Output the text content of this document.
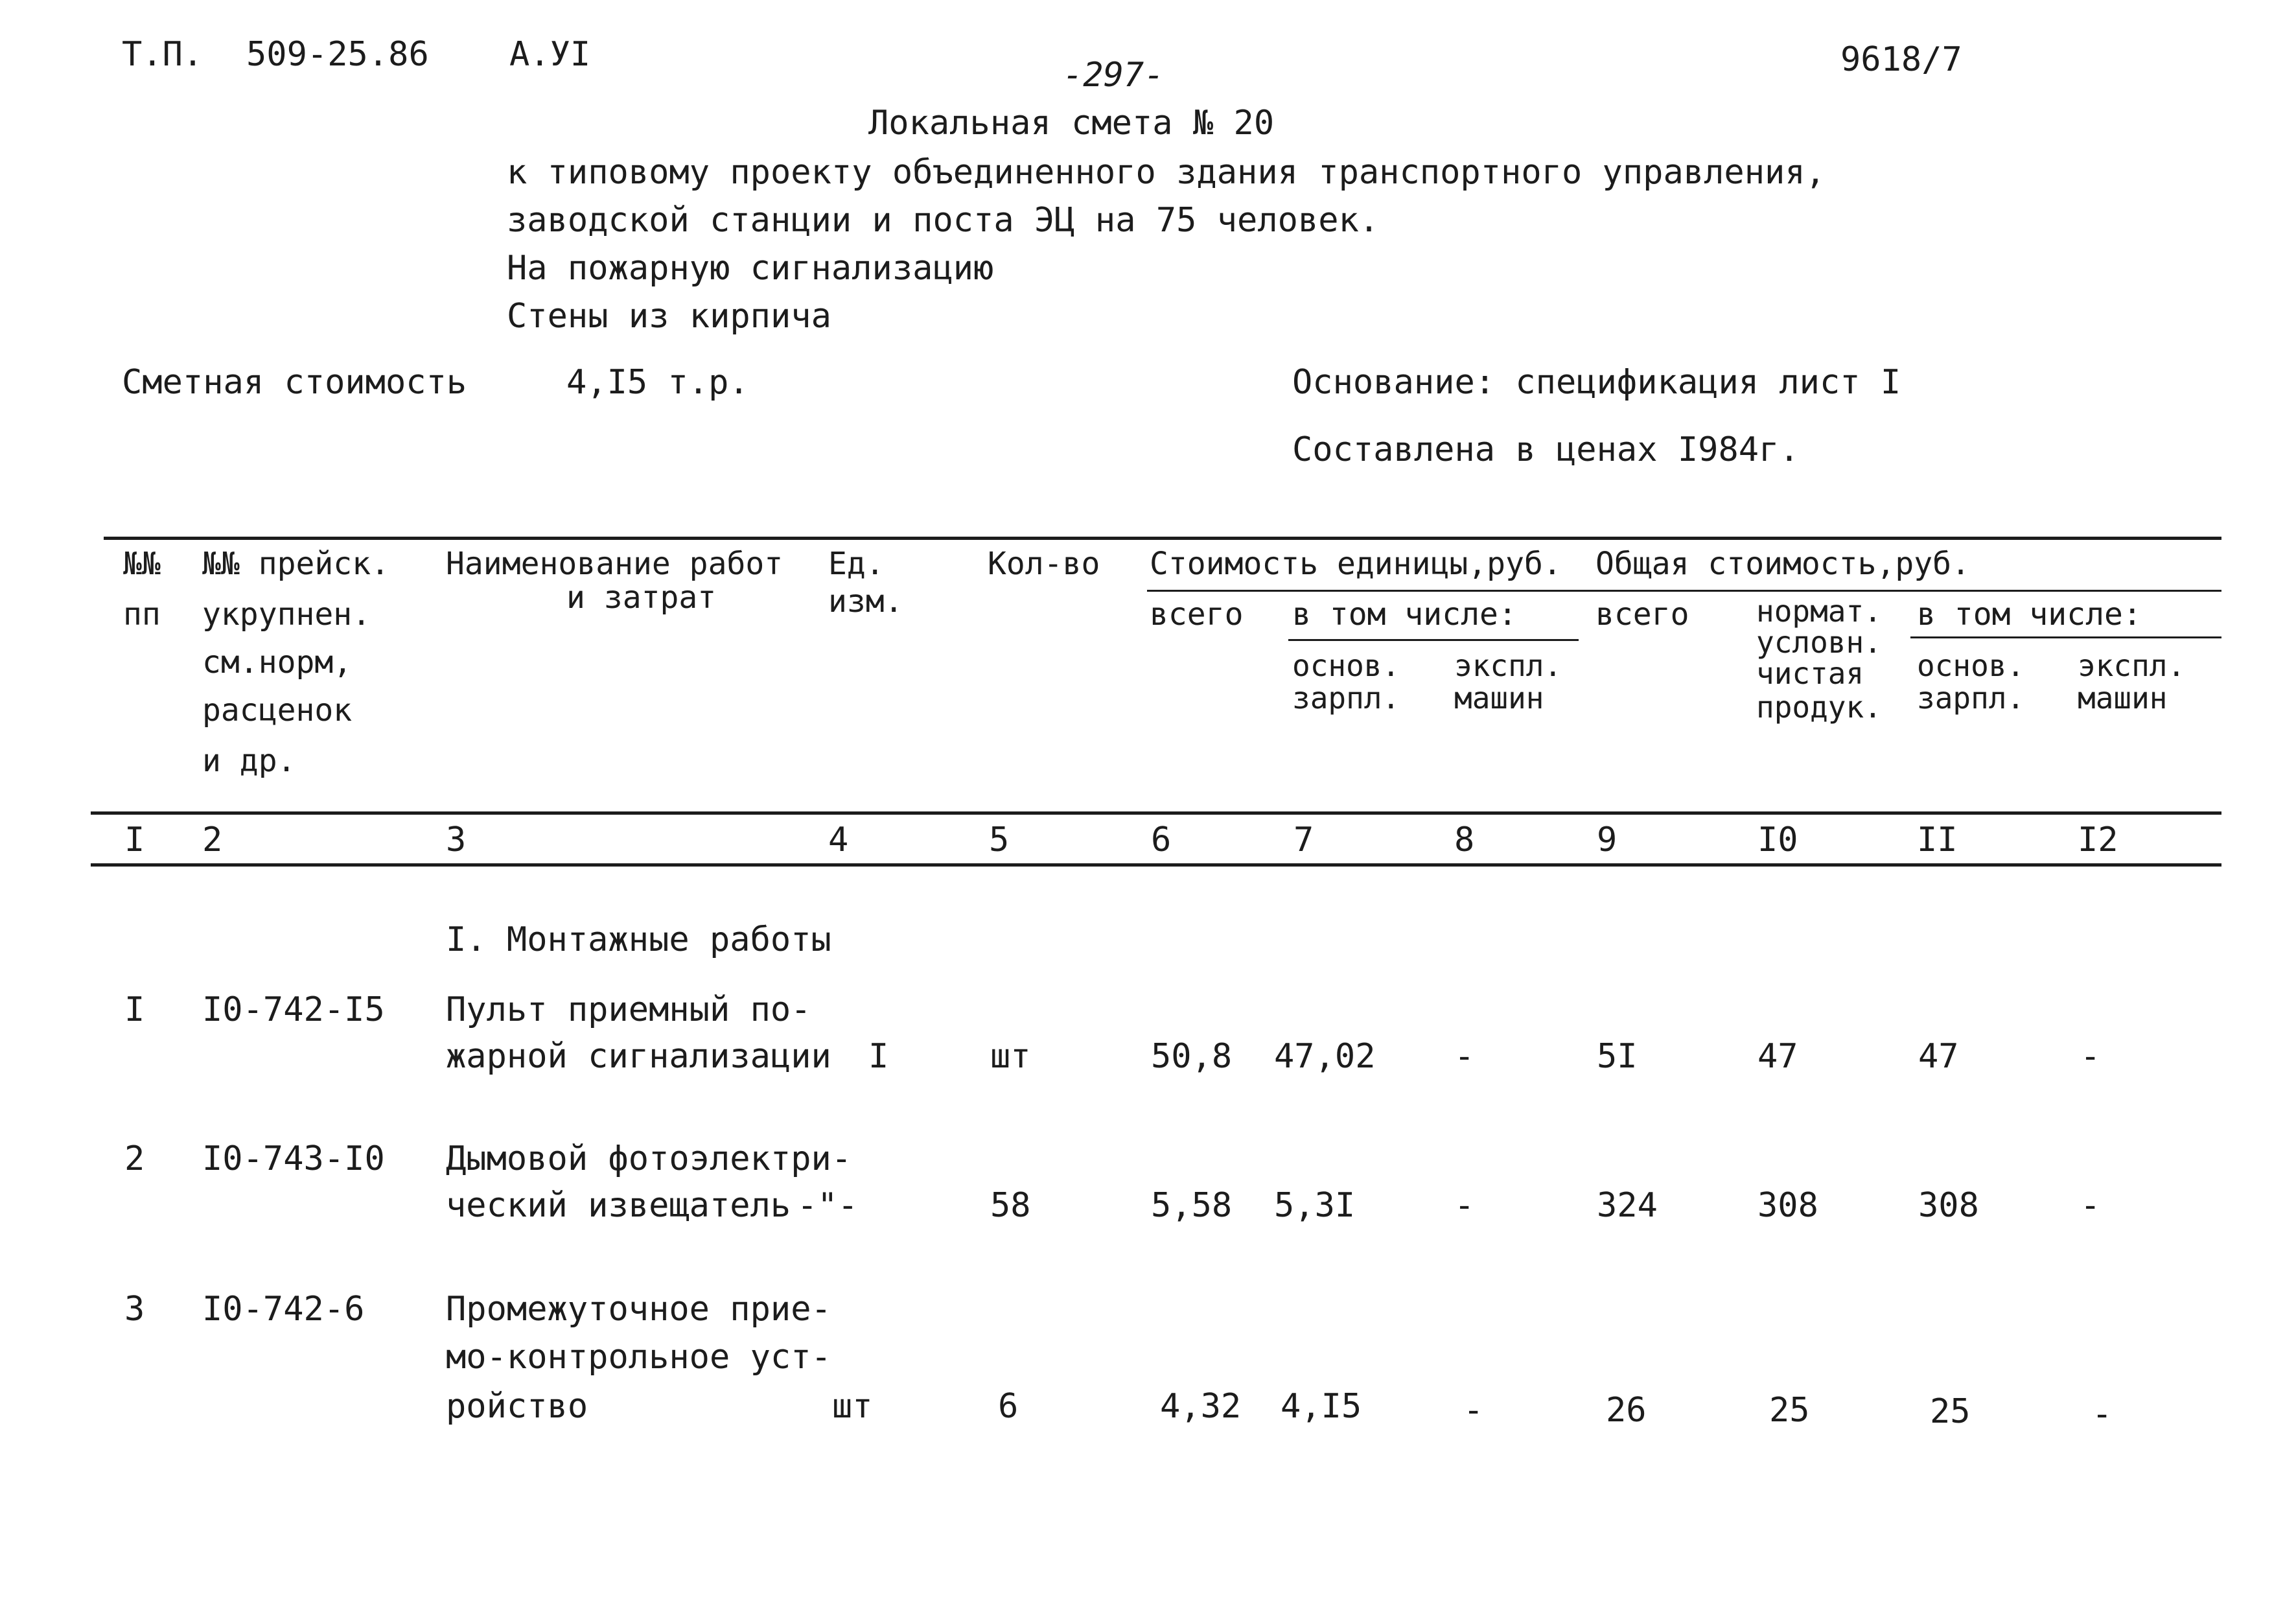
Т.П. 509-25.86 А.УI
-297-	9618/7
Локальная смета № 20
к типовому проекту объединенного здания транспортного управления,
заводской станции и поста ЭЦ на 75 человек.
На пожарную сигнализацию
Стены из кирпича
Сметная стоимость	4,I5 т.р.	Основание: спецификация лист I
Составлена в ценах I984г.
№№
пп
№№ прейск.
укрупнен.
см.норм,
расценок
и др.
Наименование работ
и затрат
Ед.
изм.
Кол-во Стоимость единицы,руб. Общая стоимость,руб.
всего в том числе:
основ.
зарпл.
экспл.
машин
всего нормат.
условн.
чистая
продук.
в том числе:
основ.
зарпл.
экспл.
машин
I 2	3	4	5	6	7	8	9	I0	II	I2
I. Монтажные работы
I I0-742-I5 Пульт приемный по-
жарной сигнализации I	шт	50,8 47,02 -	5I	47	47	-
2 I0-743-I0 Дымовой фотоэлектри-
ческий извещатель -"-	58	5,58 5,3I	-	324	308	308	-
3 I0-742-6 Промежуточное прие-
мо-контрольное уст-
ройство	шт	6	4,32 4,I5	-	26	25	25	-
